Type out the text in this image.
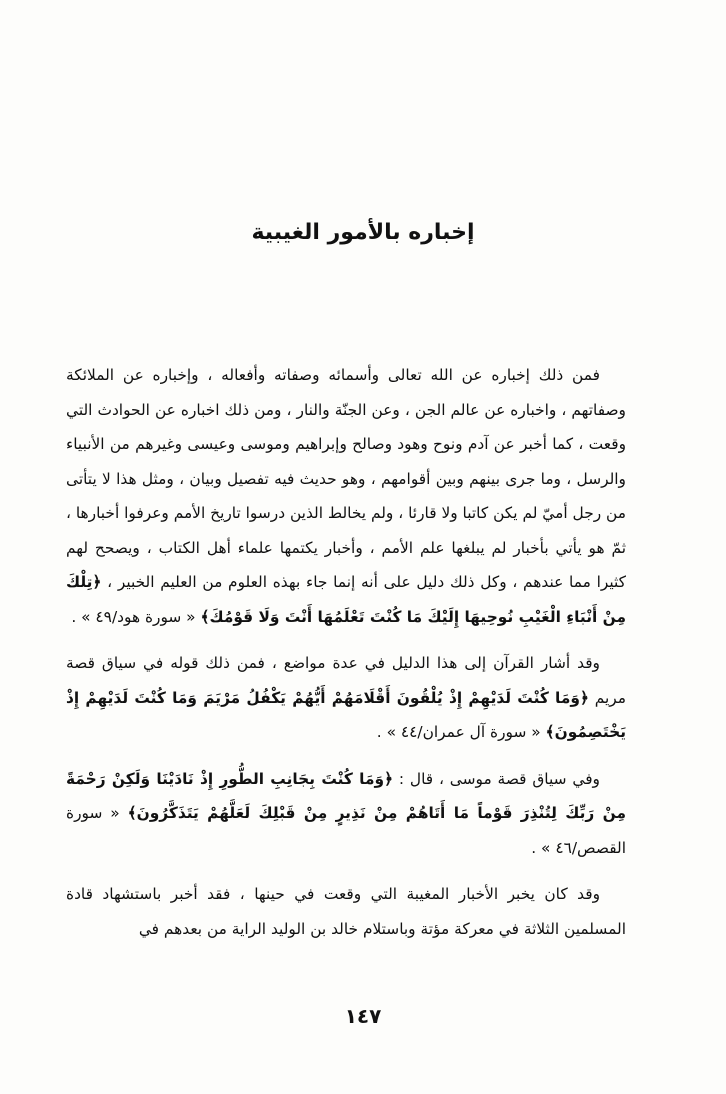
إخباره بالأمور الغيبية

فمن ذلك إخباره عن الله تعالى وأسمائه وصفاته وأفعاله ، وإخباره عن الملائكة وصفاتهم ، واخباره عن عالم الجن ، وعن الجنّة والنار ، ومن ذلك اخباره عن الحوادث التي وقعت ، كما أخبر عن آدم ونوح وهود وصالح وإبراهيم وموسى وعيسى وغيرهم من الأنبياء والرسل ، وما جرى بينهم وبين أقوامهم ، وهو حديث فيه تفصيل وبيان ، ومثل هذا لا يتأتى من رجل أميّ لم يكن كاتبا ولا قارئا ، ولم يخالط الذين درسوا تاريخ الأمم وعرفوا أخبارها ، ثمّ هو يأتي بأخبار لم يبلغها علم الأمم ، وأخبار يكتمها علماء أهل الكتاب ، ويصحح لهم كثيرا مما عندهم ، وكل ذلك دليل على أنه إنما جاء بهذه العلوم من العليم الخبير ، ﴿تِلْكَ مِنْ أَنْبَاءِ الْغَيْبِ نُوحِيهَا إِلَيْكَ مَا كُنْتَ تَعْلَمُهَا أَنْتَ وَلَا قَوْمُكَ﴾ « سورة هود/٤٩ » .

وقد أشار القرآن إلى هذا الدليل في عدة مواضع ، فمن ذلك قوله في سياق قصة مريم ﴿وَمَا كُنْتَ لَدَيْهِمْ إِذْ يُلْقُونَ أَقْلَامَهُمْ أَيُّهُمْ يَكْفُلُ مَرْيَمَ وَمَا كُنْتَ لَدَيْهِمْ إِذْ يَخْتَصِمُونَ﴾ « سورة آل عمران/٤٤ » .

وفي سياق قصة موسى ، قال : ﴿وَمَا كُنْتَ بِجَانِبِ الطُّورِ إِذْ نَادَيْنَا وَلَكِنْ رَحْمَةً مِنْ رَبِّكَ لِتُنْذِرَ قَوْماً مَا أَتَاهُمْ مِنْ نَذِيرٍ مِنْ قَبْلِكَ لَعَلَّهُمْ يَتَذَكَّرُونَ﴾ « سورة القصص/٤٦ » .

وقد كان يخبر الأخبار المغيبة التي وقعت في حينها ، فقد أخبر باستشهاد قادة المسلمين الثلاثة في معركة مؤتة وباستلام خالد بن الوليد الراية من بعدهم في

١٤٧
